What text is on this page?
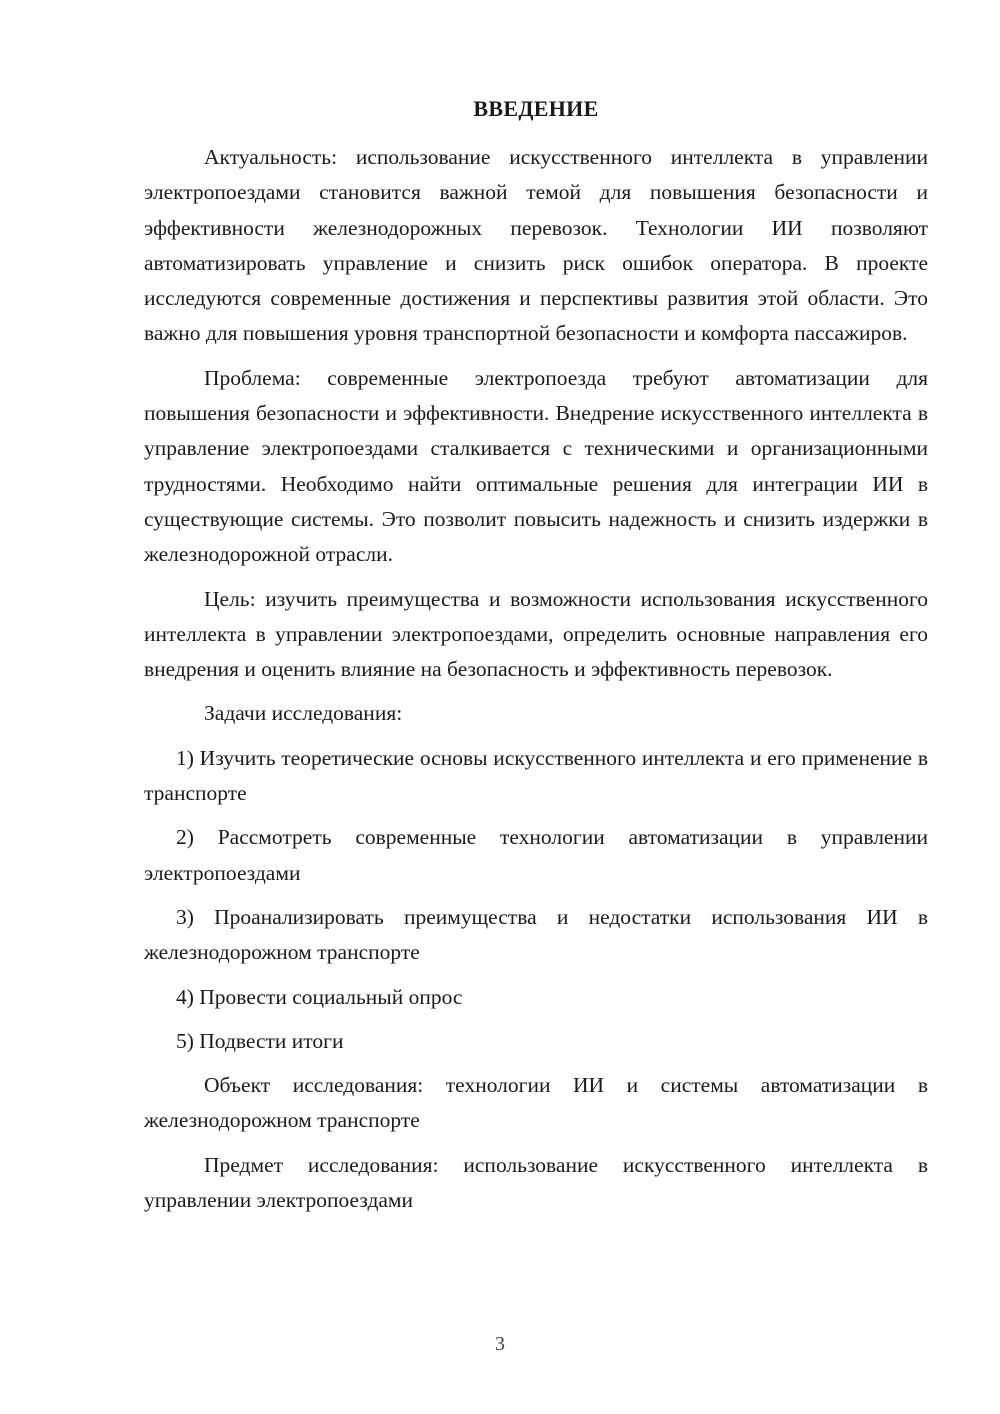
ВВЕДЕНИЕ

Актуальность: использование искусственного интеллекта в управлении электропоездами становится важной темой для повышения безопасности и эффективности железнодорожных перевозок. Технологии ИИ позволяют автоматизировать управление и снизить риск ошибок оператора. В проекте исследуются современные достижения и перспективы развития этой области. Это важно для повышения уровня транспортной безопасности и комфорта пассажиров.

Проблема: современные электропоезда требуют автоматизации для повышения безопасности и эффективности. Внедрение искусственного интеллекта в управление электропоездами сталкивается с техническими и организационными трудностями. Необходимо найти оптимальные решения для интеграции ИИ в существующие системы. Это позволит повысить надежность и снизить издержки в железнодорожной отрасли.

Цель: изучить преимущества и возможности использования искусственного интеллекта в управлении электропоездами, определить основные направления его внедрения и оценить влияние на безопасность и эффективность перевозок.

Задачи исследования:

1) Изучить теоретические основы искусственного интеллекта и его применение в транспорте

2) Рассмотреть современные технологии автоматизации в управлении электропоездами

3) Проанализировать преимущества и недостатки использования ИИ в железнодорожном транспорте

4) Провести социальный опрос

5) Подвести итоги

Объект исследования: технологии ИИ и системы автоматизации в железнодорожном транспорте

Предмет исследования: использование искусственного интеллекта в управлении электропоездами

3
